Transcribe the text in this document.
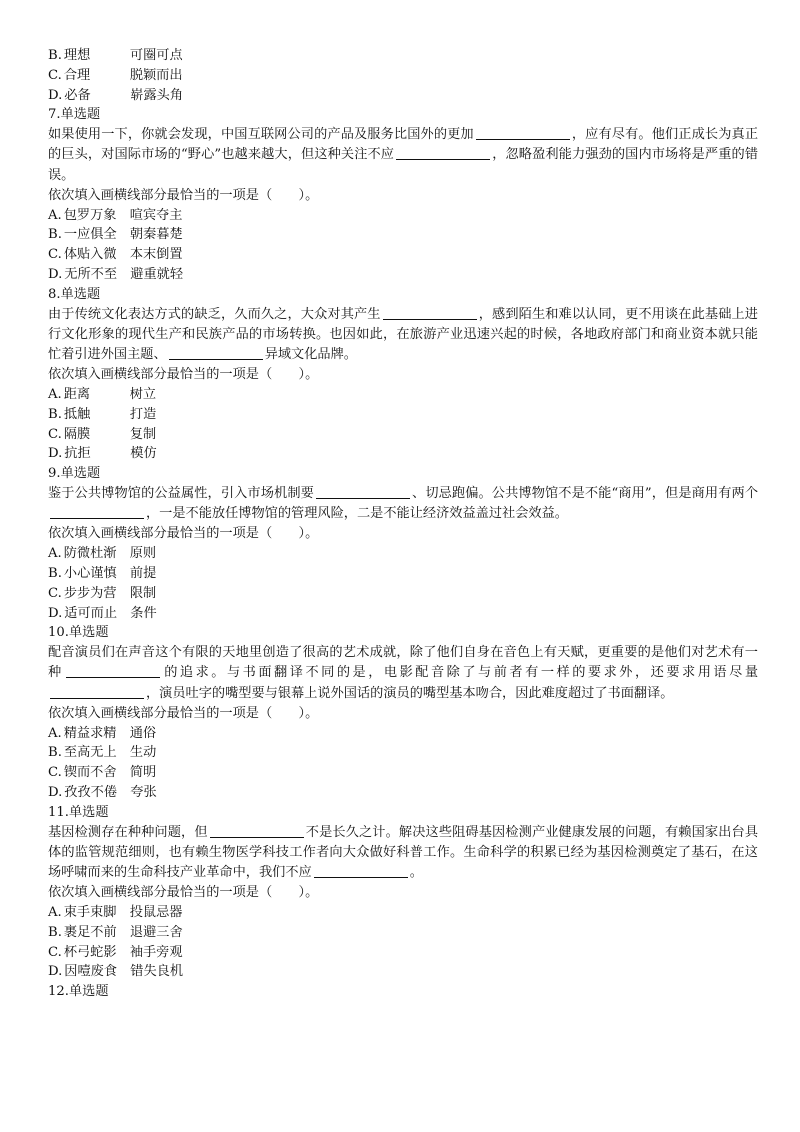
B. 理想	可圈可点
C. 合理	脱颖而出
D. 必备	崭露头角
7.单选题
如果使用一下，你就会发现，中国互联网公司的产品及服务比国外的更加	，应有尽有。他们正成长为真正的巨头，对国际市场的“野心”也越来越大，但这种关注不应	，忽略盈利能力强劲的国内市场将是严重的错误。
依次填入画横线部分最恰当的一项是（　　）。
A. 包罗万象 喧宾夺主
B. 一应俱全 朝秦暮楚
C. 体贴入微 本末倒置
D. 无所不至 避重就轻
8.单选题
由于传统文化表达方式的缺乏，久而久之，大众对其产生	，感到陌生和难以认同，更不用谈在此基础上进行文化形象的现代生产和民族产品的市场转换。也因如此，在旅游产业迅速兴起的时候，各地政府部门和商业资本就只能忙着引进外国主题、	异域文化品牌。
依次填入画横线部分最恰当的一项是（　　）。
A. 距离	树立
B. 抵触	打造
C. 隔膜	复制
D. 抗拒	模仿
9.单选题
鉴于公共博物馆的公益属性，引入市场机制要	、切忌跑偏。公共博物馆不是不能“商用”，但是商用有两个，一是不能放任博物馆的管理风险，二是不能让经济效益盖过社会效益。
依次填入画横线部分最恰当的一项是（　　）。
A. 防微杜渐 原则
B. 小心谨慎 前提
C. 步步为营 限制
D. 适可而止 条件
10.单选题
配音演员们在声音这个有限的天地里创造了很高的艺术成就，除了他们自身在音色上有天赋，更重要的是他们对艺术有一种	的追求。与书面翻译不同的是，电影配音除了与前者有一样的要求外，还要求用语尽量，演员吐字的嘴型要与银幕上说外国话的演员的嘴型基本吻合，因此难度超过了书面翻译。
依次填入画横线部分最恰当的一项是（　　）。
A. 精益求精 通俗
B. 至高无上 生动
C. 锲而不舍 简明
D. 孜孜不倦 夸张
11.单选题
基因检测存在种种问题，但	不是长久之计。解决这些阻碍基因检测产业健康发展的问题，有赖国家出台具体的监管规范细则，也有赖生物医学科技工作者向大众做好科普工作。生命科学的积累已经为基因检测奠定了基石，在这场呼啸而来的生命科技产业革命中，我们不应	。
依次填入画横线部分最恰当的一项是（　　）。
A. 束手束脚 投鼠忌器
B. 裹足不前 退避三舍
C. 杯弓蛇影 袖手旁观
D. 因噎废食 错失良机
12.单选题
